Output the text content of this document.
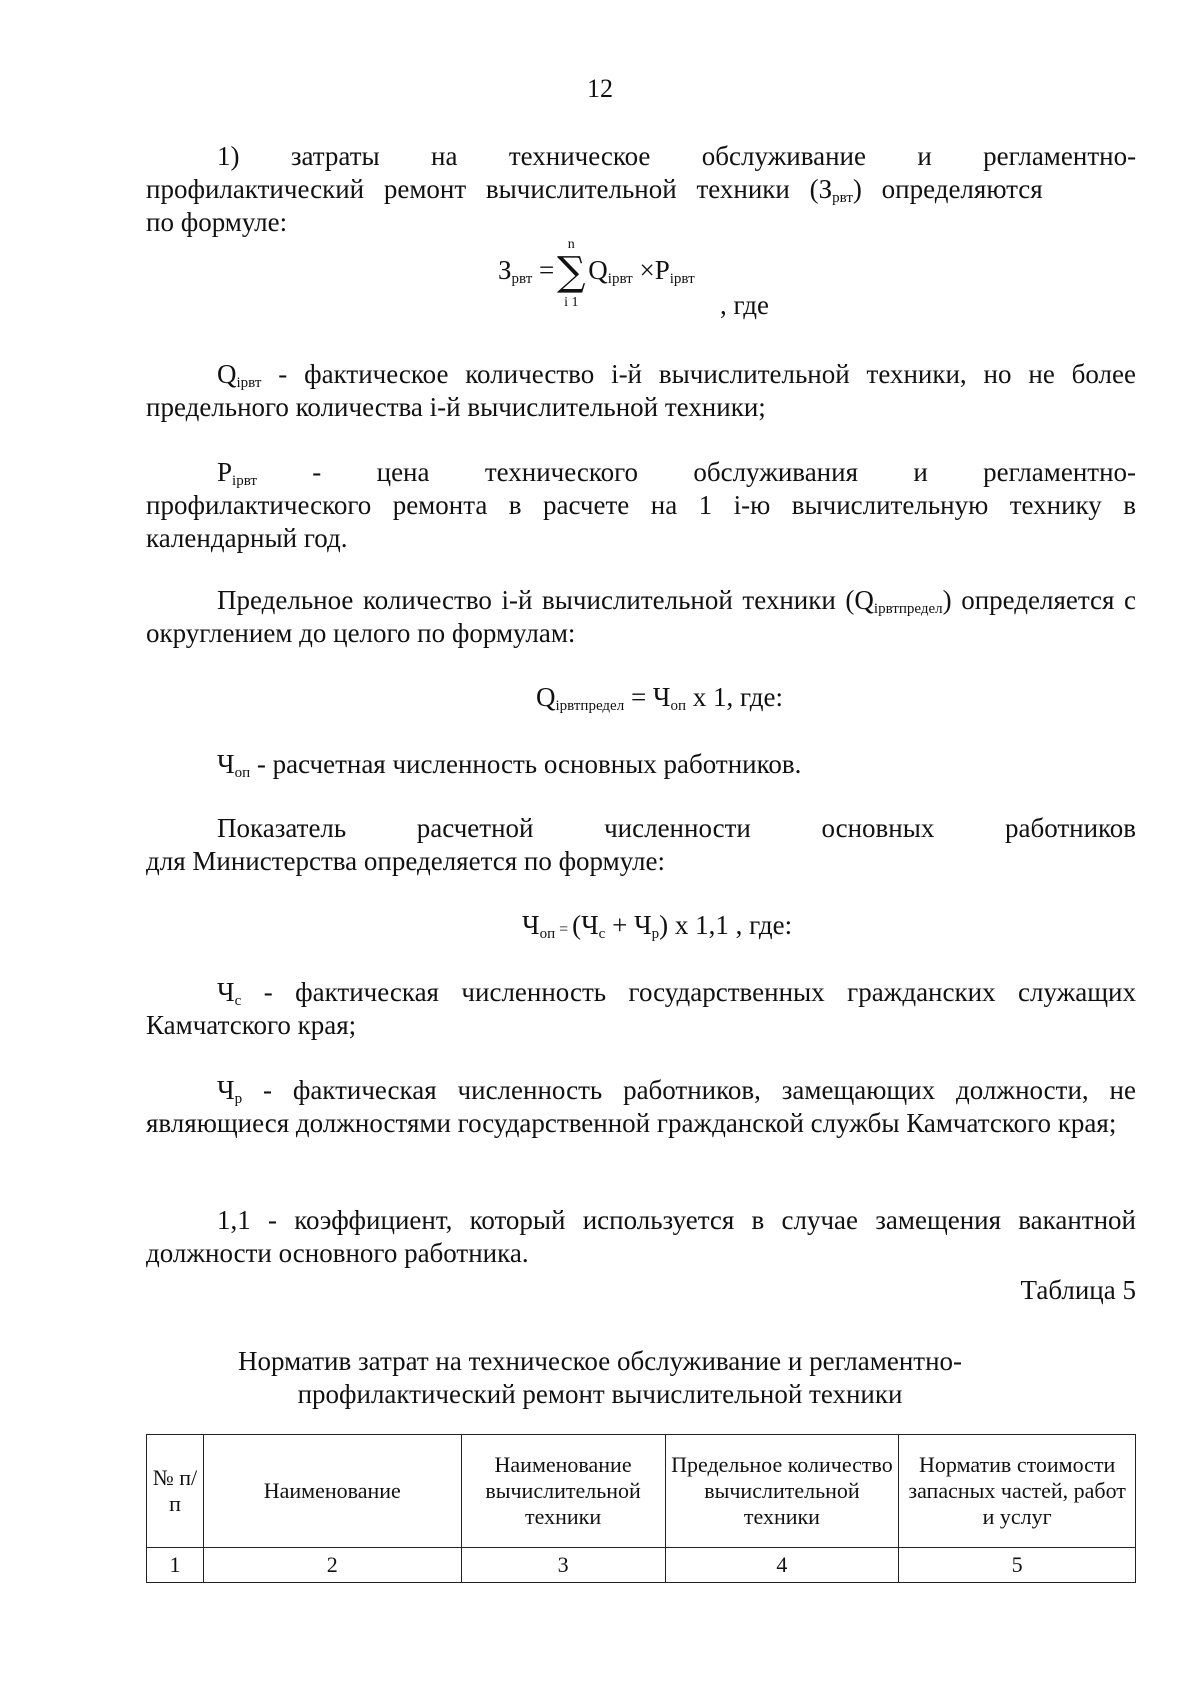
12
1) затраты на техническое обслуживание и регламентно-
профилактический ремонт вычислительной техники $(З_{рвт})$ определяются
по формуле:
$З_{рвт}$ =
n
∑
i 1
$Q_{iрвт} \times P_{iрвт}$
, где
$Q_{iрвт}$ - фактическое количество i-й вычислительной техники, но не более предельного количества i-й вычислительной техники;
$P_{iрвт}$ - цена технического обслуживания и регламентно-
профилактического ремонта в расчете на 1 i-ю вычислительную технику в календарный год.
Предельное количество i-й вычислительной техники $(Q_{iрвтпредел})$ определяется с округлением до целого по формулам:
$Q_{iрвтпредел} = Ч_{оп}$ х 1, где:
$Ч_{оп}$ - расчетная численность основных работников.
Показатель	расчетной	численности	основных	работников
для Министерства определяется по формуле:
$Ч_{оп} = (Ч_с + Ч_р)$ х 1,1 , где:
$Ч_с$ - фактическая численность государственных гражданских служащих Камчатского края;
$Ч_р$ - фактическая численность работников, замещающих должности, не являющиеся должностями государственной гражданской службы Камчатского края;
1,1 - коэффициент, который используется в случае замещения вакантной должности основного работника.
Таблица 5
Норматив затрат на техническое обслуживание и регламентно-
профилактический ремонт вычислительной техники
№ п/п	Наименование	Наименование вычислительной техники	Предельное количество вычислительной техники	Норматив стоимости запасных частей, работ и услуг
1	2	3	4	5
